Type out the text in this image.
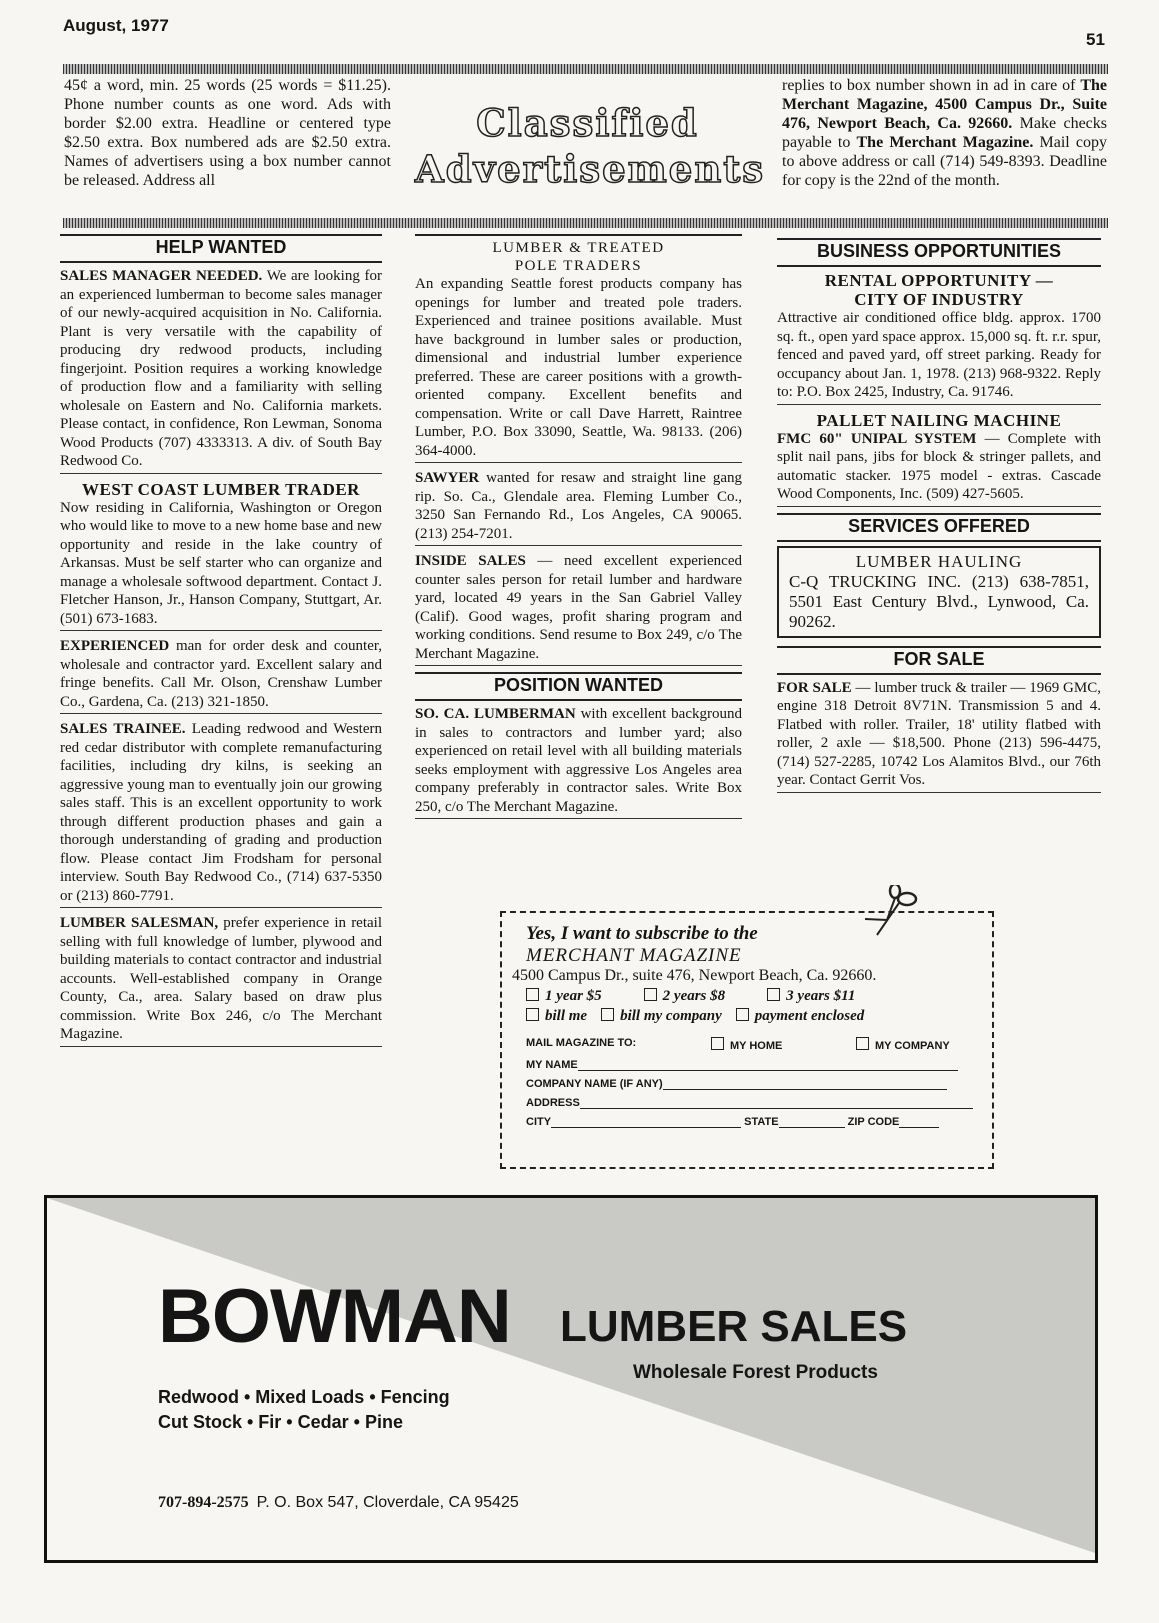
August, 1977
51
45¢ a word, min. 25 words (25 words = $11.25). Phone number counts as one word. Ads with border $2.00 extra. Headline or centered type $2.50 extra. Box numbered ads are $2.50 extra. Names of advertisers using a box number cannot be released. Address all
Classified
Advertisements
replies to box number shown in ad in care of The Merchant Magazine, 4500 Campus Dr., Suite 476, Newport Beach, Ca. 92660. Make checks payable to The Merchant Magazine. Mail copy to above address or call (714) 549-8393. Deadline for copy is the 22nd of the month.
HELP WANTED
SALES MANAGER NEEDED. We are looking for an experienced lumberman to become sales manager of our newly-acquired acquisition in No. California. Plant is very versatile with the capability of producing dry redwood products, including fingerjoint. Position requires a working knowledge of production flow and a familiarity with selling wholesale on Eastern and No. California markets. Please contact, in confidence, Ron Lewman, Sonoma Wood Products (707) 4333313. A div. of South Bay Redwood Co.
WEST COAST LUMBER TRADER
Now residing in California, Washington or Oregon who would like to move to a new home base and new opportunity and reside in the lake country of Arkansas. Must be self starter who can organize and manage a wholesale softwood department. Contact J. Fletcher Hanson, Jr., Hanson Company, Stuttgart, Ar. (501) 673-1683.
EXPERIENCED man for order desk and counter, wholesale and contractor yard. Excellent salary and fringe benefits. Call Mr. Olson, Crenshaw Lumber Co., Gardena, Ca. (213) 321-1850.
SALES TRAINEE. Leading redwood and Western red cedar distributor with complete remanufacturing facilities, including dry kilns, is seeking an aggressive young man to eventually join our growing sales staff. This is an excellent opportunity to work through different production phases and gain a thorough understanding of grading and production flow. Please contact Jim Frodsham for personal interview. South Bay Redwood Co., (714) 637-5350 or (213) 860-7791.
LUMBER SALESMAN, prefer experience in retail selling with full knowledge of lumber, plywood and building materials to contact contractor and industrial accounts. Well-established company in Orange County, Ca., area. Salary based on draw plus commission. Write Box 246, c/o The Merchant Magazine.
LUMBER & TREATED
POLE TRADERS
An expanding Seattle forest products company has openings for lumber and treated pole traders. Experienced and trainee positions available. Must have background in lumber sales or production, dimensional and industrial lumber experience preferred. These are career positions with a growth-oriented company. Excellent benefits and compensation. Write or call Dave Harrett, Raintree Lumber, P.O. Box 33090, Seattle, Wa. 98133. (206) 364-4000.
SAWYER wanted for resaw and straight line gang rip. So. Ca., Glendale area. Fleming Lumber Co., 3250 San Fernando Rd., Los Angeles, CA 90065. (213) 254-7201.
INSIDE SALES — need excellent experienced counter sales person for retail lumber and hardware yard, located 49 years in the San Gabriel Valley (Calif). Good wages, profit sharing program and working conditions. Send resume to Box 249, c/o The Merchant Magazine.
POSITION WANTED
SO. CA. LUMBERMAN with excellent background in sales to contractors and lumber yard; also experienced on retail level with all building materials seeks employment with aggressive Los Angeles area company preferably in contractor sales. Write Box 250, c/o The Merchant Magazine.
BUSINESS OPPORTUNITIES
RENTAL OPPORTUNITY —
CITY OF INDUSTRY
Attractive air conditioned office bldg. approx. 1700 sq. ft., open yard space approx. 15,000 sq. ft. r.r. spur, fenced and paved yard, off street parking. Ready for occupancy about Jan. 1, 1978. (213) 968-9322. Reply to: P.O. Box 2425, Industry, Ca. 91746.
PALLET NAILING MACHINE
FMC 60" UNIPAL SYSTEM — Complete with split nail pans, jibs for block & stringer pallets, and automatic stacker. 1975 model - extras. Cascade Wood Components, Inc. (509) 427-5605.
SERVICES OFFERED
LUMBER HAULING
C-Q TRUCKING INC. (213) 638-7851, 5501 East Century Blvd., Lynwood, Ca. 90262.
FOR SALE
FOR SALE — lumber truck & trailer — 1969 GMC, engine 318 Detroit 8V71N. Transmission 5 and 4. Flatbed with roller. Trailer, 18' utility flatbed with roller, 2 axle — $18,500. Phone (213) 596-4475, (714) 527-2285, 10742 Los Alamitos Blvd., our 76th year. Contact Gerrit Vos.
Yes, I want to subscribe to the
MERCHANT MAGAZINE
4500 Campus Dr., suite 476, Newport Beach, Ca. 92660.
1 year $5	2 years $8	3 years $11
bill me	bill my company	payment enclosed
MAIL MAGAZINE TO:	MY HOME	MY COMPANY
MY NAME
COMPANY NAME (IF ANY)
ADDRESS
CITY	STATE	ZIP CODE
BOWMAN LUMBER SALES
Wholesale Forest Products
Redwood • Mixed Loads • Fencing
Cut Stock • Fir • Cedar • Pine
707-894-2575 P. O. Box 547, Cloverdale, CA 95425
